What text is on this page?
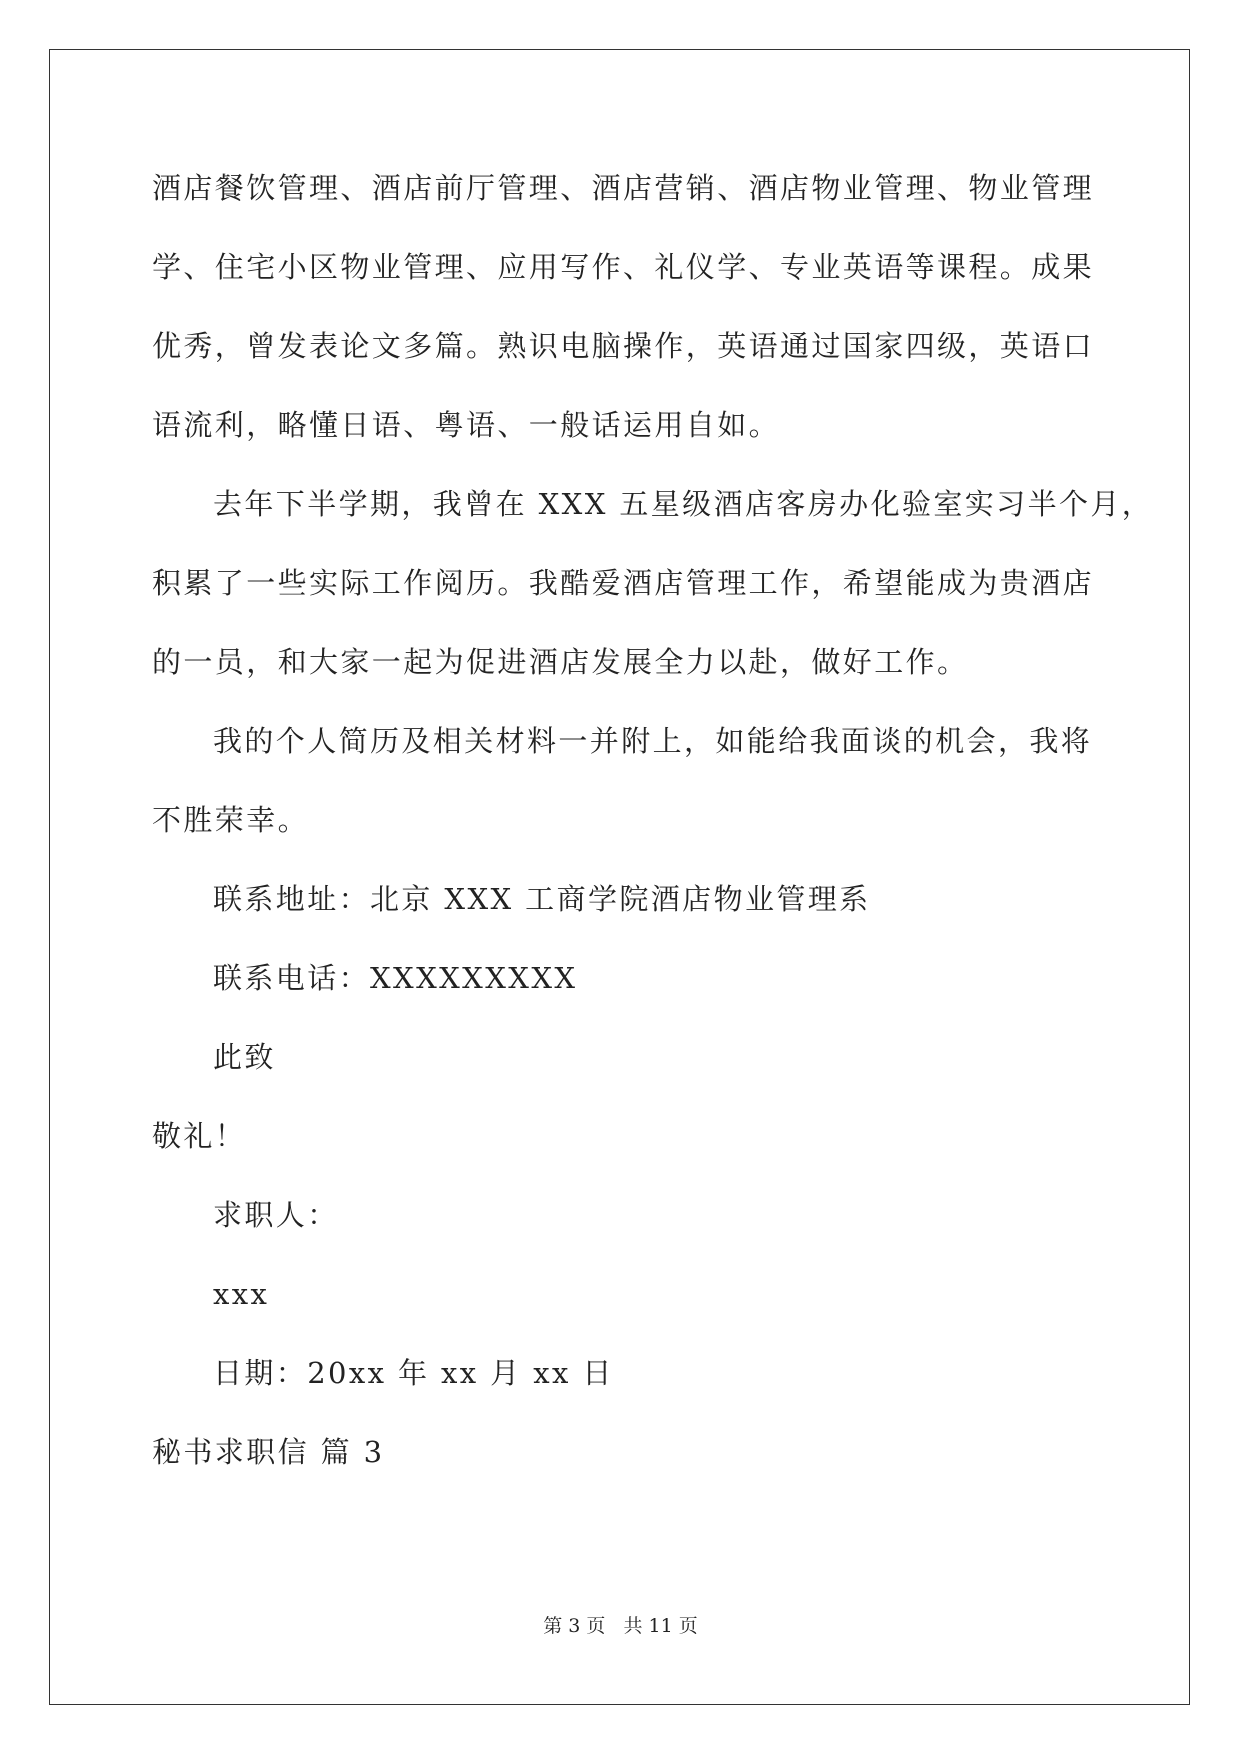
酒店餐饮管理、酒店前厅管理、酒店营销、酒店物业管理、物业管理
学、住宅小区物业管理、应用写作、礼仪学、专业英语等课程。成果
优秀，曾发表论文多篇。熟识电脑操作，英语通过国家四级，英语口
语流利，略懂日语、粤语、一般话运用自如。
去年下半学期，我曾在 XXX 五星级酒店客房办化验室实习半个月，
积累了一些实际工作阅历。我酷爱酒店管理工作，希望能成为贵酒店
的一员，和大家一起为促进酒店发展全力以赴，做好工作。
我的个人简历及相关材料一并附上，如能给我面谈的机会，我将
不胜荣幸。
联系地址：北京 XXX 工商学院酒店物业管理系
联系电话：XXXXXXXXX
此致
敬礼！
求职人：
xxx
日期：20xx 年 xx 月 xx 日
秘书求职信 篇 3
第 3 页   共 11 页
